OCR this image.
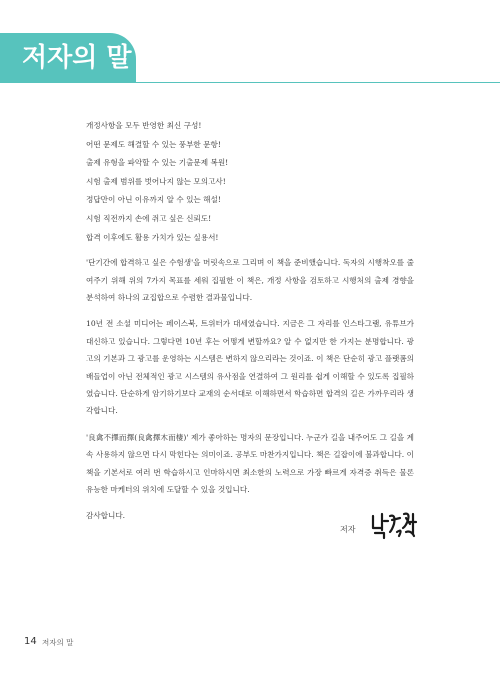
저자의 말
개정사항을 모두 반영한 최신 구성!
어떤 문제도 해결할 수 있는 풍부한 문항!
출제 유형을 파악할 수 있는 기출문제 복원!
시험 출제 범위를 벗어나지 않는 모의고사!
정답만이 아닌 이유까지 알 수 있는 해설!
시험 직전까지 손에 쥐고 싶은 신뢰도!
합격 이후에도 활용 가치가 있는 실용서!

'단기간에 합격하고 싶은 수험생'을 머릿속으로 그리며 이 책을 준비했습니다. 독자의 시행착오를 줄여주기 위해 위의 7가지 목표를 세워 집필한 이 책은, 개정 사항을 검토하고 시행처의 출제 경향을 분석하여 하나의 교집합으로 수렴한 결과물입니다.

10년 전 소셜 미디어는 페이스북, 트위터가 대세였습니다. 지금은 그 자리를 인스타그램, 유튜브가 대신하고 있습니다. 그렇다면 10년 후는 어떻게 변할까요? 알 수 없지만 한 가지는 분명합니다. 광고의 기본과 그 광고를 운영하는 시스템은 변하지 않으리라는 것이죠. 이 책은 단순히 광고 플랫폼의 배들업이 아닌 전체적인 광고 시스템의 유사점을 연결하여 그 원리를 쉽게 이해할 수 있도록 집필하였습니다. 단순하게 암기하기보다 교재의 순서대로 이해하면서 학습하면 합격의 길은 가까우리라 생각합니다.

'良禽不擇而擇(良禽擇木而棲)' 제가 좋아하는 명자의 문장입니다. 누군가 길을 내주어도 그 길을 계속 사용하지 않으면 다시 막힌다는 의미이죠. 공부도 마찬가지입니다. 책은 길잡이에 불과합니다. 이 책을 기본서로 여러 번 학습하시고 인마하시면 최소한의 노력으로 가장 빠르게 자격증 취득은 물론 유능한 마케터의 위치에 도달할 수 있을 것입니다.

감사합니다.

저자
14 저자의 말
